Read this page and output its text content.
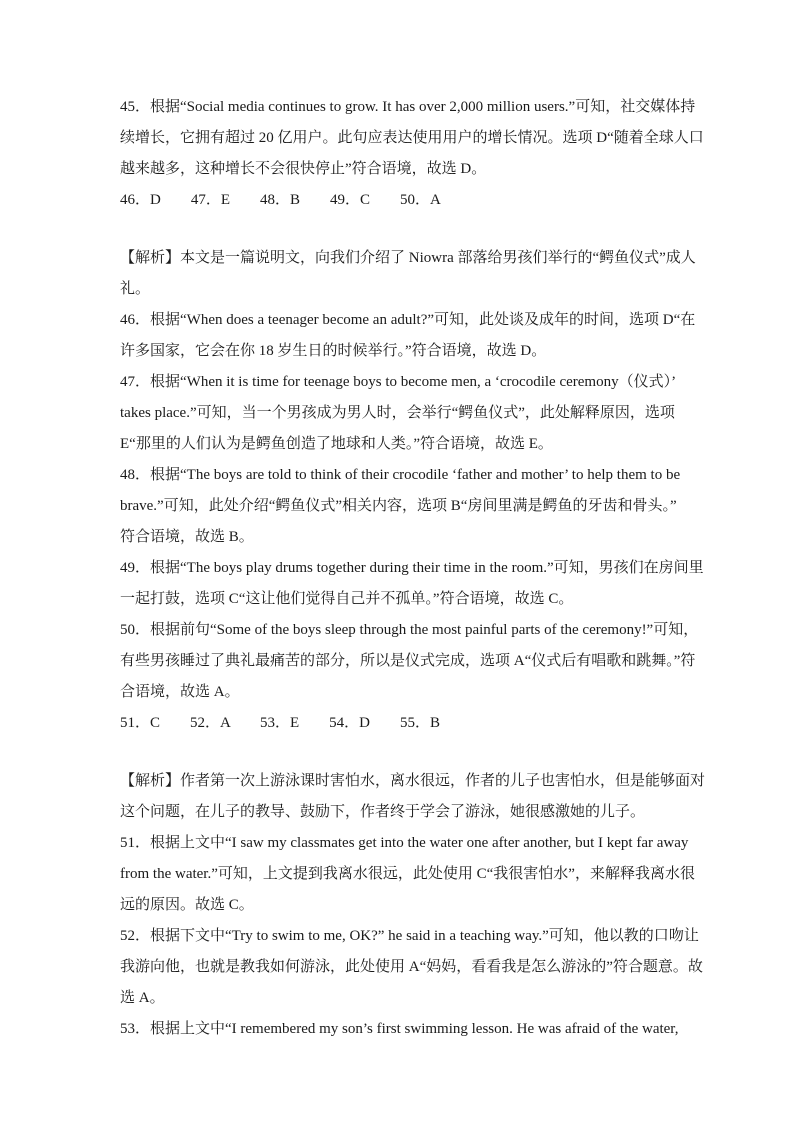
45．根据“Social media continues to grow. It has over 2,000 million users.”可知，社交媒体持
续增长，它拥有超过 20 亿用户。此句应表达使用用户的增长情况。选项 D“随着全球人口
越来越多，这种增长不会很快停止”符合语境，故选 D。
46．D　　47．E　　48．B　　49．C　　50．A
【解析】本文是一篇说明文，向我们介绍了 Niowra 部落给男孩们举行的“鳄鱼仪式”成人
礼。
46．根据“When does a teenager become an adult?”可知，此处谈及成年的时间，选项 D“在
许多国家，它会在你 18 岁生日的时候举行。”符合语境，故选 D。
47．根据“When it is time for teenage boys to become men, a ‘crocodile ceremony（仪式）’
takes place.”可知，当一个男孩成为男人时，会举行“鳄鱼仪式”，此处解释原因，选项
E“那里的人们认为是鳄鱼创造了地球和人类。”符合语境，故选 E。
48．根据“The boys are told to think of their crocodile ‘father and mother’ to help them to be
brave.”可知，此处介绍“鳄鱼仪式”相关内容，选项 B“房间里满是鳄鱼的牙齿和骨头。”
符合语境，故选 B。
49．根据“The boys play drums together during their time in the room.”可知，男孩们在房间里
一起打鼓，选项 C“这让他们觉得自己并不孤单。”符合语境，故选 C。
50．根据前句“Some of the boys sleep through the most painful parts of the ceremony!”可知，
有些男孩睡过了典礼最痛苦的部分，所以是仪式完成，选项 A“仪式后有唱歌和跳舞。”符
合语境，故选 A。
51．C　　52．A　　53．E　　54．D　　55．B
【解析】作者第一次上游泳课时害怕水，离水很远，作者的儿子也害怕水，但是能够面对
这个问题，在儿子的教导、鼓励下，作者终于学会了游泳，她很感激她的儿子。
51．根据上文中“I saw my classmates get into the water one after another, but I kept far away
from the water.”可知，上文提到我离水很远，此处使用 C“我很害怕水”，来解释我离水很
远的原因。故选 C。
52．根据下文中“Try to swim to me, OK?” he said in a teaching way.”可知，他以教的口吻让
我游向他，也就是教我如何游泳，此处使用 A“妈妈，看看我是怎么游泳的”符合题意。故
选 A。
53．根据上文中“I remembered my son’s first swimming lesson. He was afraid of the water,
